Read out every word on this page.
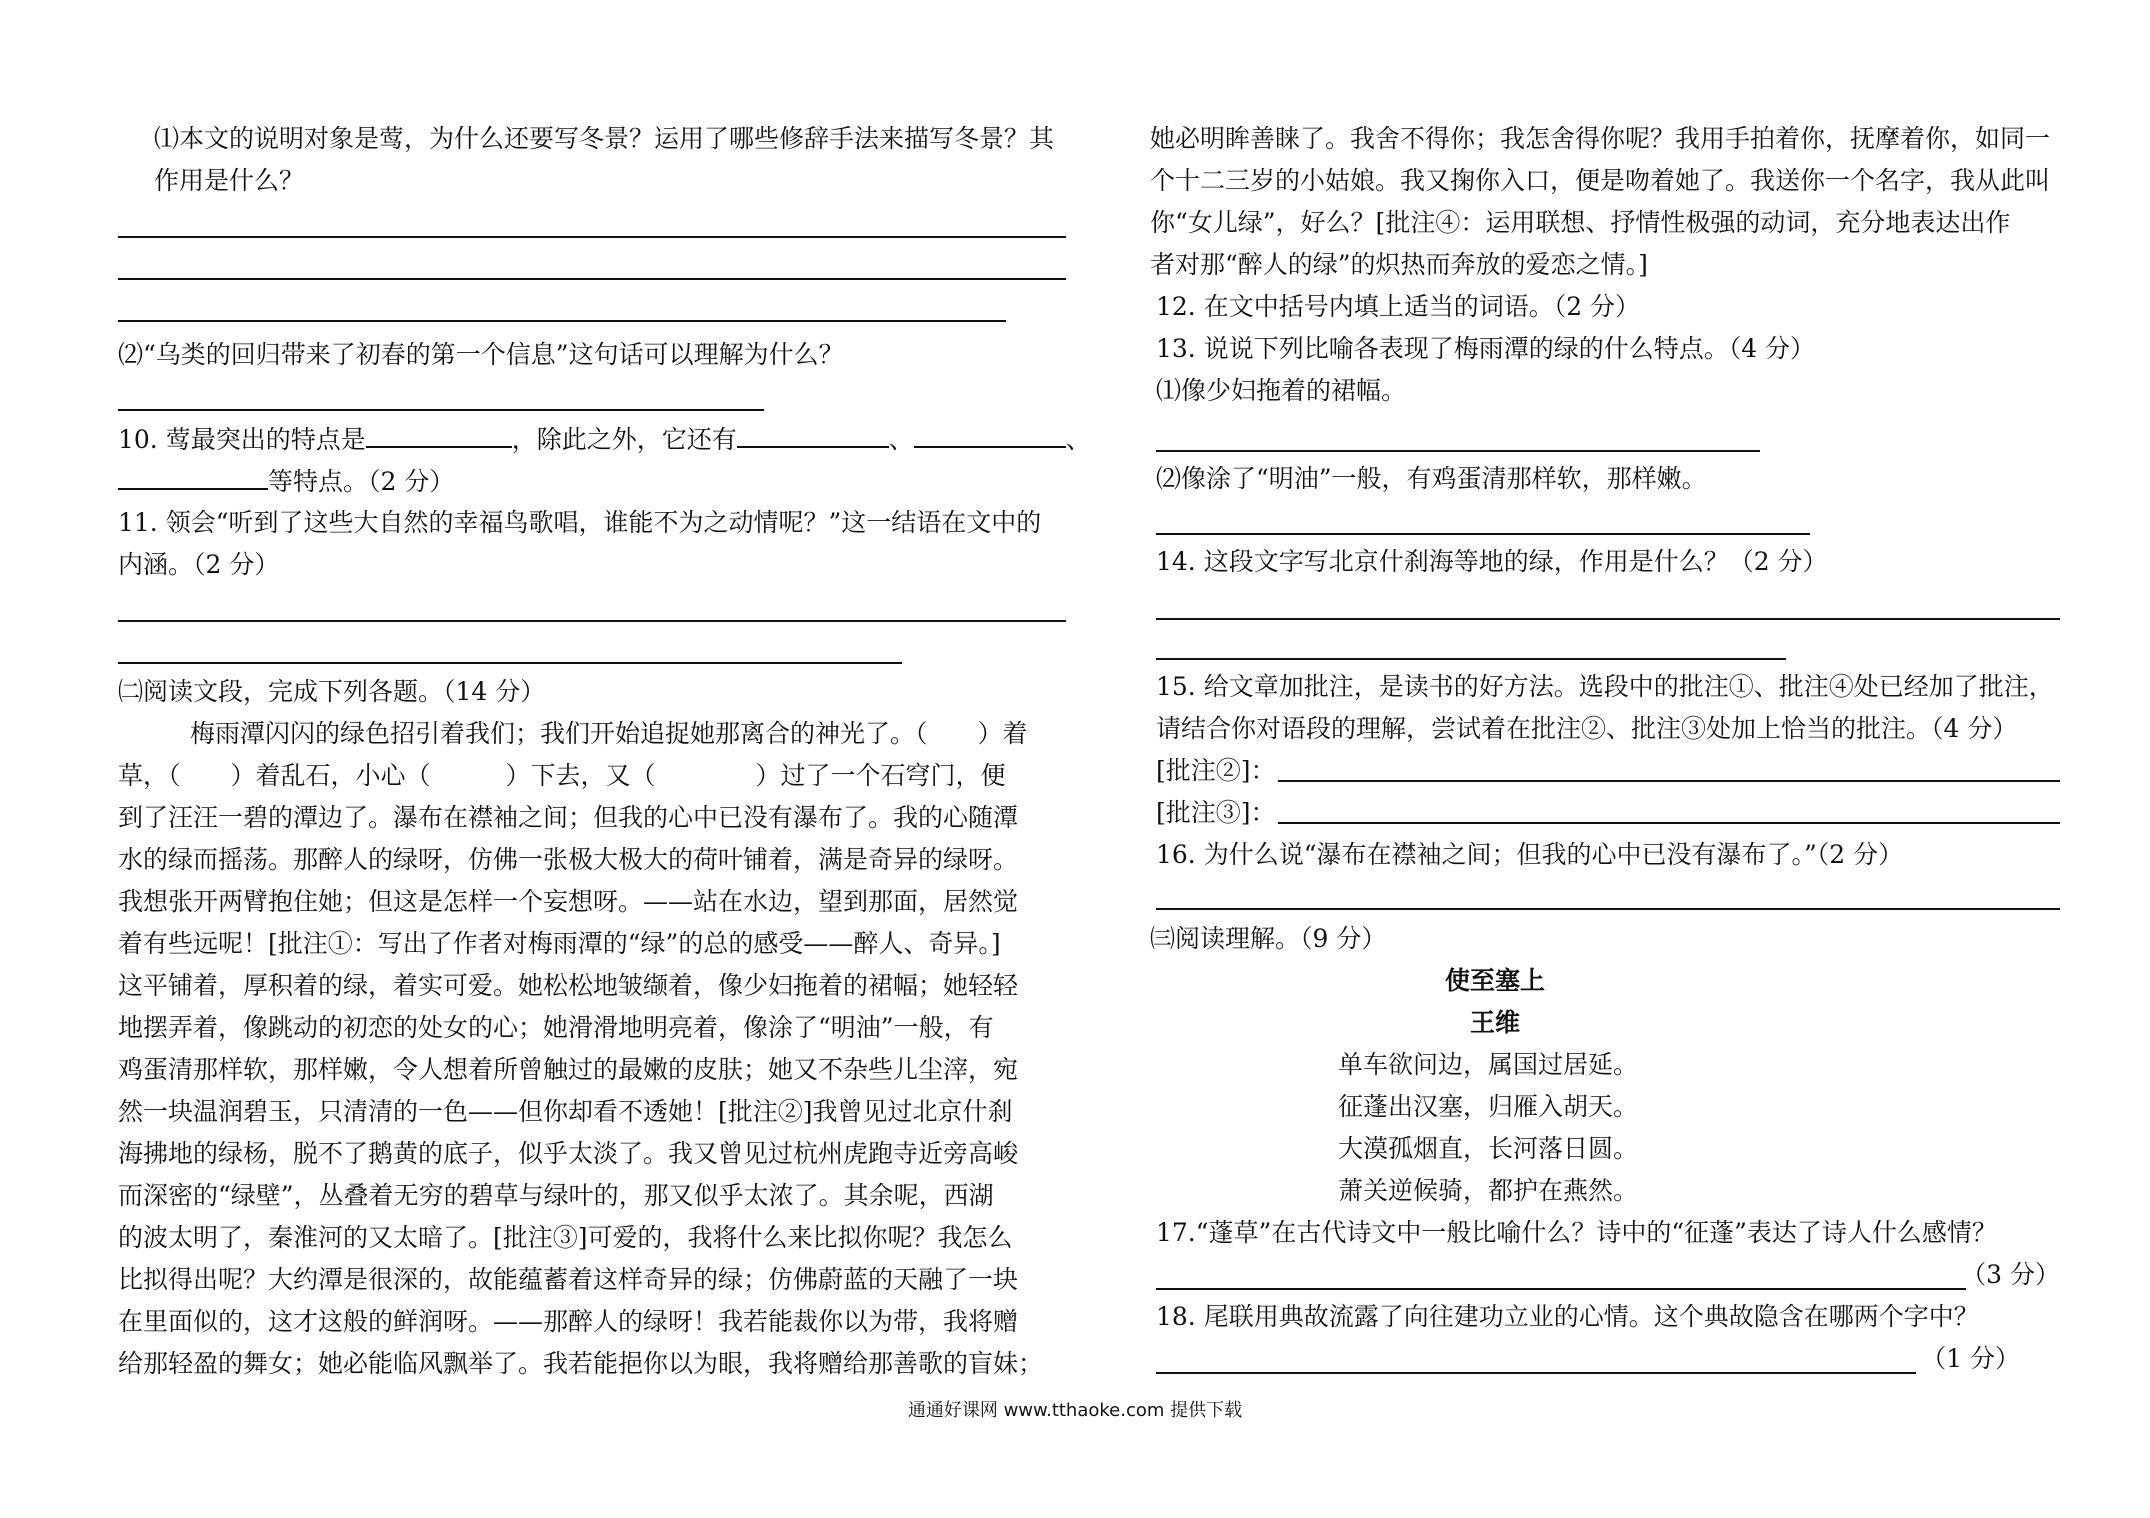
⑴本文的说明对象是莺，为什么还要写冬景？运用了哪些修辞手法来描写冬景？其
作用是什么？
⑵“乌类的回归带来了初春的第一个信息”这句话可以理解为什么？
10. 莺最突出的特点是	，除此之外，它还有	、	、
等特点。（2 分）
11. 领会“听到了这些大自然的幸福鸟歌唱，谁能不为之动情呢？”这一结语在文中的
内涵。（2 分）
㈡阅读文段，完成下列各题。（14 分）
梅雨潭闪闪的绿色招引着我们；我们开始追捉她那离合的神光了。（　　）着
草，（　　）着乱石，小心（　　　）下去，又（　　　　）过了一个石穹门，便
到了汪汪一碧的潭边了。瀑布在襟袖之间；但我的心中已没有瀑布了。我的心随潭
水的绿而摇荡。那醉人的绿呀，仿佛一张极大极大的荷叶铺着，满是奇异的绿呀。
我想张开两臂抱住她；但这是怎样一个妄想呀。——站在水边，望到那面，居然觉
着有些远呢！[批注①：写出了作者对梅雨潭的“绿”的总的感受——醉人、奇异。]
这平铺着，厚积着的绿，着实可爱。她松松地皱缬着，像少妇拖着的裙幅；她轻轻
地摆弄着，像跳动的初恋的处女的心；她滑滑地明亮着，像涂了“明油”一般，有
鸡蛋清那样软，那样嫩，令人想着所曾触过的最嫩的皮肤；她又不杂些儿尘滓，宛
然一块温润碧玉，只清清的一色——但你却看不透她！[批注②]我曾见过北京什刹
海拂地的绿杨，脱不了鹅黄的底子，似乎太淡了。我又曾见过杭州虎跑寺近旁高峻
而深密的“绿壁”，丛叠着无穷的碧草与绿叶的，那又似乎太浓了。其余呢，西湖
的波太明了，秦淮河的又太暗了。[批注③]可爱的，我将什么来比拟你呢？我怎么
比拟得出呢？大约潭是很深的，故能蕴蓄着这样奇异的绿；仿佛蔚蓝的天融了一块
在里面似的，这才这般的鲜润呀。——那醉人的绿呀！我若能裁你以为带，我将赠
给那轻盈的舞女；她必能临风飘举了。我若能挹你以为眼，我将赠给那善歌的盲妹；
她必明眸善睐了。我舍不得你；我怎舍得你呢？我用手拍着你，抚摩着你，如同一
个十二三岁的小姑娘。我又掬你入口，便是吻着她了。我送你一个名字，我从此叫
你“女儿绿”，好么？[批注④：运用联想、抒情性极强的动词，充分地表达出作
者对那“醉人的绿”的炽热而奔放的爱恋之情。]
12. 在文中括号内填上适当的词语。（2 分）
13. 说说下列比喻各表现了梅雨潭的绿的什么特点。（4 分）
⑴像少妇拖着的裙幅。
⑵像涂了“明油”一般，有鸡蛋清那样软，那样嫩。
14. 这段文字写北京什刹海等地的绿，作用是什么？（2 分）
15. 给文章加批注，是读书的好方法。选段中的批注①、批注④处已经加了批注，
请结合你对语段的理解，尝试着在批注②、批注③处加上恰当的批注。（4 分）
[批注②]：
[批注③]：
16. 为什么说“瀑布在襟袖之间；但我的心中已没有瀑布了。”（2 分）
㈢阅读理解。（9 分）
使至塞上
王维
单车欲问边，属国过居延。
征蓬出汉塞，归雁入胡天。
大漠孤烟直，长河落日圆。
萧关逆候骑，都护在燕然。
17.“蓬草”在古代诗文中一般比喻什么？诗中的“征蓬”表达了诗人什么感情？
（3 分）
18. 尾联用典故流露了向往建功立业的心情。这个典故隐含在哪两个字中？
（1 分）
通通好课网 www.tthaoke.com 提供下载
